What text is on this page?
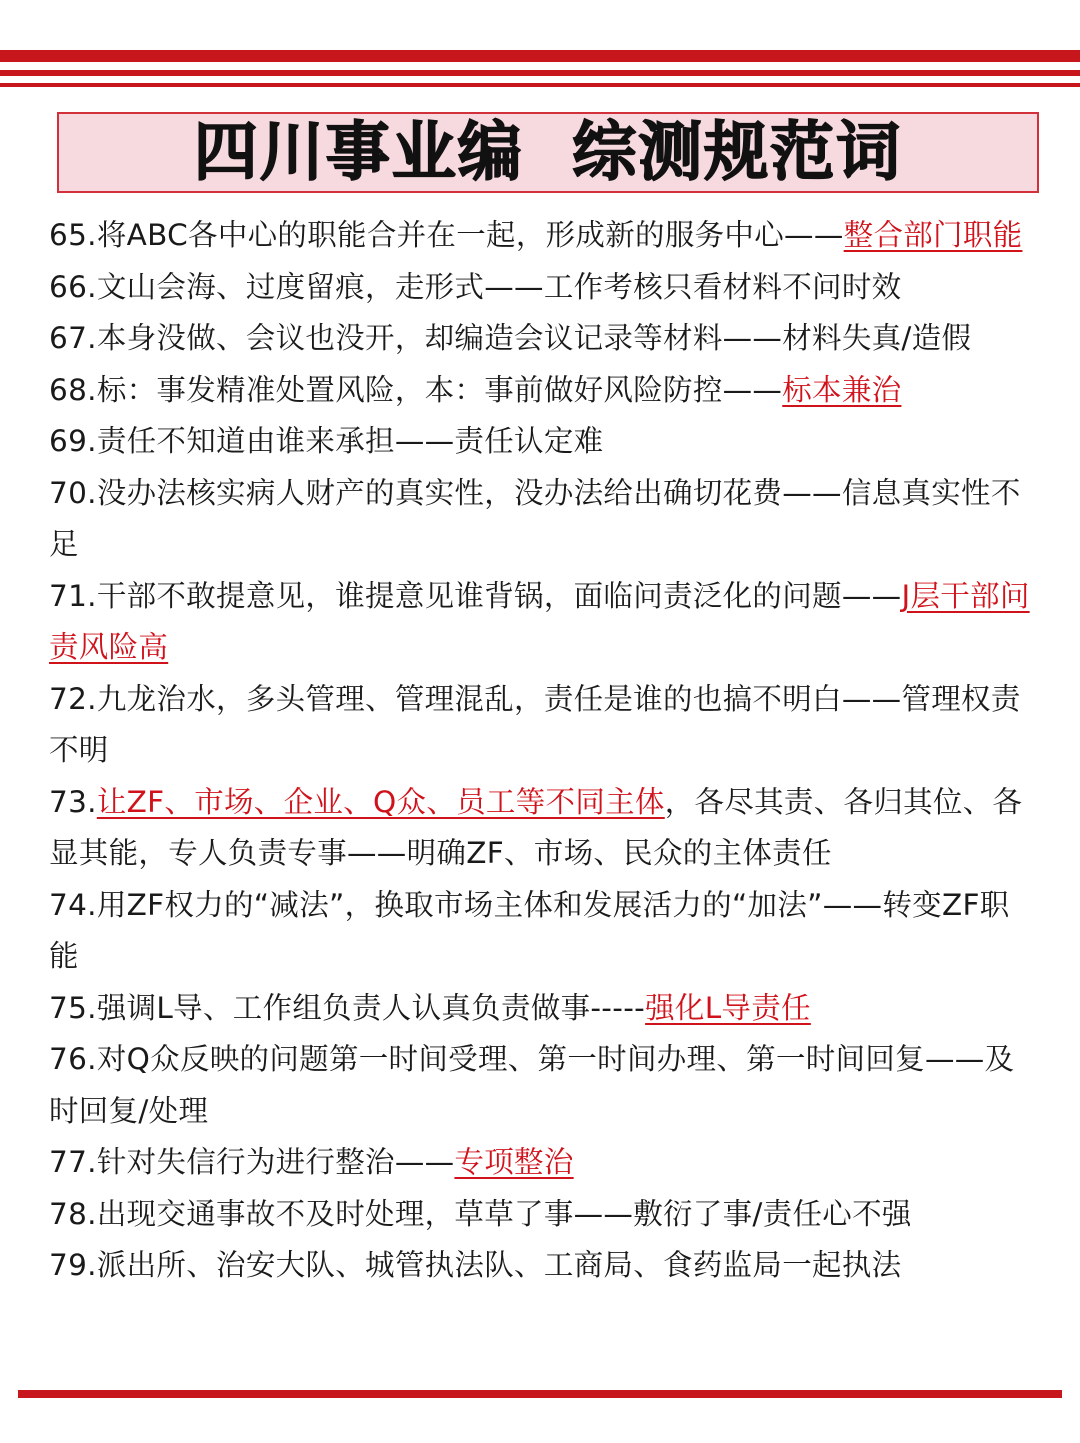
四川事业编  综测规范词

65.将ABC各中心的职能合并在一起，形成新的服务中心——整合部门职能

66.文山会海、过度留痕，走形式——工作考核只看材料不问时效

67.本身没做、会议也没开，却编造会议记录等材料——材料失真/造假

68.标：事发精准处置风险，本：事前做好风险防控——标本兼治

69.责任不知道由谁来承担——责任认定难

70.没办法核实病人财产的真实性，没办法给出确切花费——信息真实性不足

71.干部不敢提意见，谁提意见谁背锅，面临问责泛化的问题——J层干部问责风险高

72.九龙治水，多头管理、管理混乱，责任是谁的也搞不明白——管理权责不明

73.让ZF、市场、企业、Q众、员工等不同主体，各尽其责、各归其位、各显其能，专人负责专事——明确ZF、市场、民众的主体责任

74.用ZF权力的“减法”，换取市场主体和发展活力的“加法”——转变ZF职能

75.强调L导、工作组负责人认真负责做事-----强化L导责任

76.对Q众反映的问题第一时间受理、第一时间办理、第一时间回复——及时回复/处理

77.针对失信行为进行整治——专项整治

78.出现交通事故不及时处理，草草了事——敷衍了事/责任心不强

79.派出所、治安大队、城管执法队、工商局、食药监局一起执法
